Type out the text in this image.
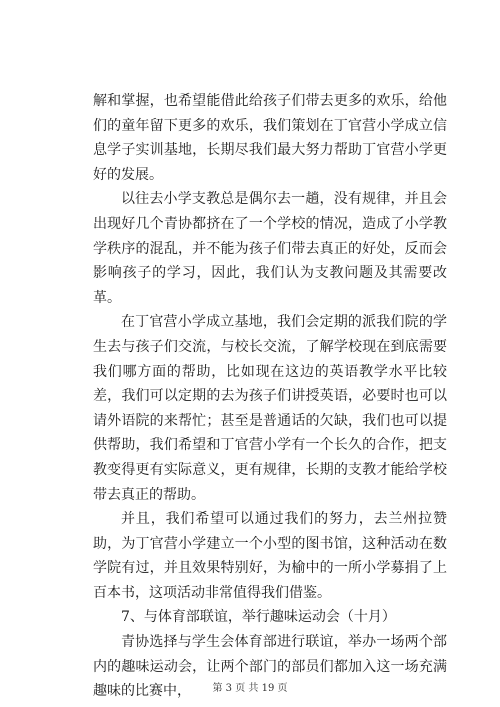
解和掌握，也希望能借此给孩子们带去更多的欢乐，给他们的童年留下更多的欢乐，我们策划在丁官营小学成立信息学子实训基地，长期尽我们最大努力帮助丁官营小学更好的发展。

以往去小学支教总是偶尔去一趟，没有规律，并且会出现好几个青协都挤在了一个学校的情况，造成了小学教学秩序的混乱，并不能为孩子们带去真正的好处，反而会影响孩子的学习，因此，我们认为支教问题及其需要改革。

在丁官营小学成立基地，我们会定期的派我们院的学生去与孩子们交流，与校长交流，了解学校现在到底需要我们哪方面的帮助，比如现在这边的英语教学水平比较差，我们可以定期的去为孩子们讲授英语，必要时也可以请外语院的来帮忙；甚至是普通话的欠缺，我们也可以提供帮助，我们希望和丁官营小学有一个长久的合作，把支教变得更有实际意义，更有规律，长期的支教才能给学校带去真正的帮助。

并且，我们希望可以通过我们的努力，去兰州拉赞助，为丁官营小学建立一个小型的图书馆，这种活动在数学院有过，并且效果特别好，为榆中的一所小学募捐了上百本书，这项活动非常值得我们借鉴。

7、与体育部联谊，举行趣味运动会（十月）

青协选择与学生会体育部进行联谊，举办一场两个部内的趣味运动会，让两个部门的部员们都加入这一场充满趣味的比赛中，	第 3 页 共 19 页
